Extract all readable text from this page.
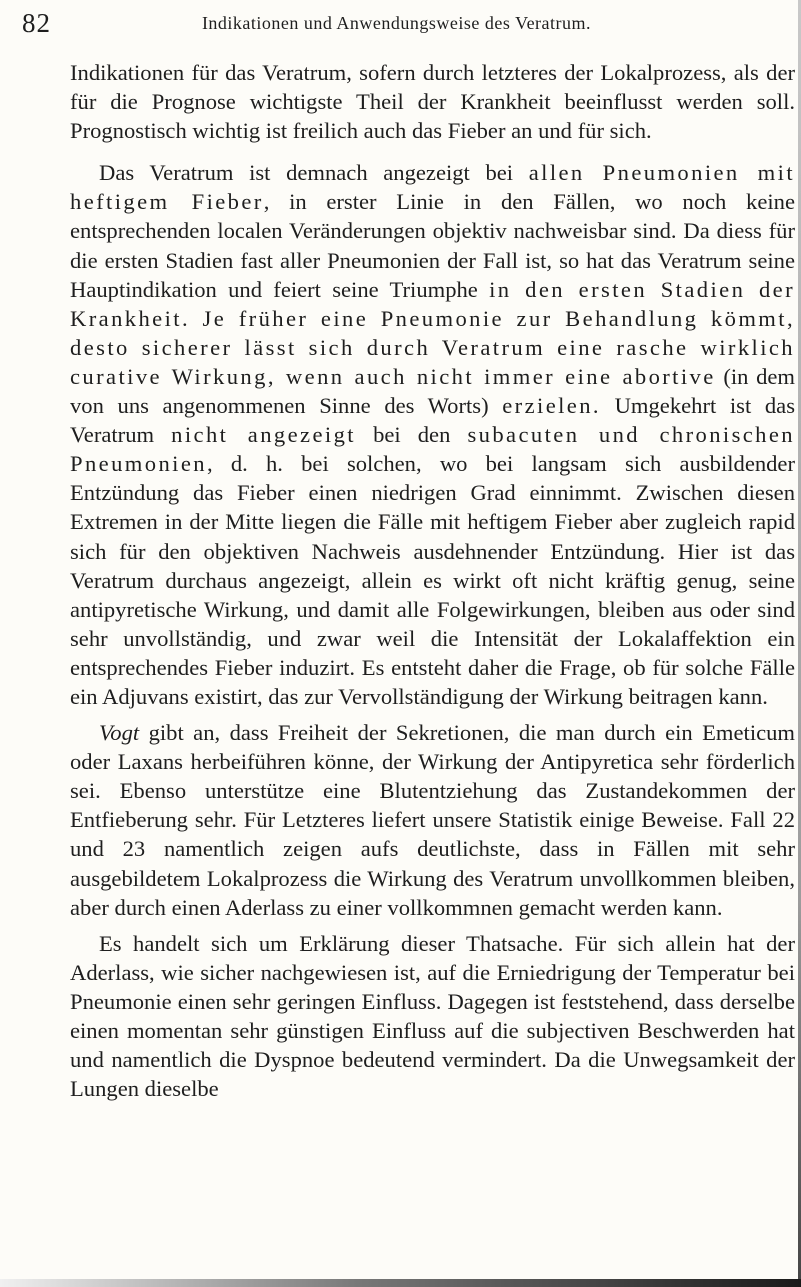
82	Indikationen und Anwendungsweise des Veratrum.

Indikationen für das Veratrum, sofern durch letzteres der Lokalprozess, als der für die Prognose wichtigste Theil der Krankheit beeinflusst werden soll. Prognostisch wichtig ist freilich auch das Fieber an und für sich.

Das Veratrum ist demnach angezeigt bei allen Pneumonien mit heftigem Fieber, in erster Linie in den Fällen, wo noch keine entsprechenden localen Veränderungen objektiv nachweisbar sind. Da diess für die ersten Stadien fast aller Pneumonien der Fall ist, so hat das Veratrum seine Hauptindikation und feiert seine Triumphe in den ersten Stadien der Krankheit. Je früher eine Pneumonie zur Behandlung kömmt, desto sicherer lässt sich durch Veratrum eine rasche wirklich curative Wirkung, wenn auch nicht immer eine abortive (in dem von uns angenommenen Sinne des Worts) erzielen. Umgekehrt ist das Veratrum nicht angezeigt bei den subacuten und chronischen Pneumonien, d. h. bei solchen, wo bei langsam sich ausbildender Entzündung das Fieber einen niedrigen Grad einnimmt. Zwischen diesen Extremen in der Mitte liegen die Fälle mit heftigem Fieber aber zugleich rapid sich für den objektiven Nachweis ausdehnender Entzündung. Hier ist das Veratrum durchaus angezeigt, allein es wirkt oft nicht kräftig genug, seine antipyretische Wirkung, und damit alle Folgewirkungen, bleiben aus oder sind sehr unvollständig, und zwar weil die Intensität der Lokalaffektion ein entsprechendes Fieber induzirt. Es entsteht daher die Frage, ob für solche Fälle ein Adjuvans existirt, das zur Vervollständigung der Wirkung beitragen kann.

Vogt gibt an, dass Freiheit der Sekretionen, die man durch ein Emeticum oder Laxans herbeiführen könne, der Wirkung der Antipyretica sehr förderlich sei. Ebenso unterstütze eine Blutentziehung das Zustandekommen der Entfieberung sehr. Für Letzteres liefert unsere Statistik einige Beweise. Fall 22 und 23 namentlich zeigen aufs deutlichste, dass in Fällen mit sehr ausgebildetem Lokalprozess die Wirkung des Veratrum unvollkommen bleiben, aber durch einen Aderlass zu einer vollkommnen gemacht werden kann.

Es handelt sich um Erklärung dieser Thatsache. Für sich allein hat der Aderlass, wie sicher nachgewiesen ist, auf die Erniedrigung der Temperatur bei Pneumonie einen sehr geringen Einfluss. Dagegen ist feststehend, dass derselbe einen momentan sehr günstigen Einfluss auf die subjectiven Beschwerden hat und namentlich die Dyspnoe bedeutend vermindert. Da die Unwegsamkeit der Lungen dieselbe
